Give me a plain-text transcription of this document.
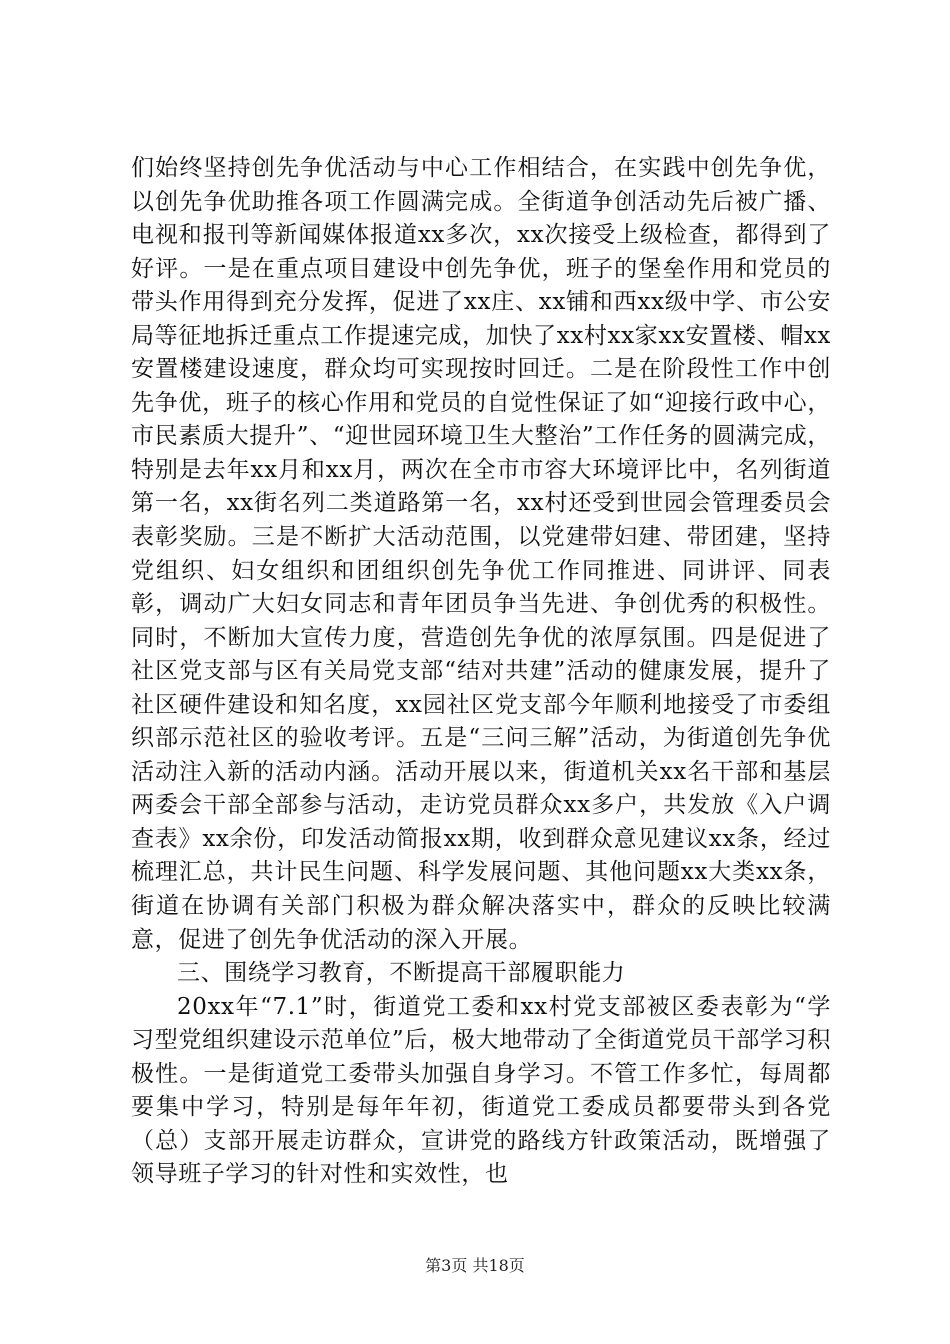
们始终坚持创先争优活动与中心工作相结合，在实践中创先争优，以创先争优助推各项工作圆满完成。全街道争创活动先后被广播、电视和报刊等新闻媒体报道xx多次，xx次接受上级检查，都得到了好评。一是在重点项目建设中创先争优，班子的堡垒作用和党员的带头作用得到充分发挥，促进了xx庄、xx铺和西xx级中学、市公安局等征地拆迁重点工作提速完成，加快了xx村xx家xx安置楼、帽xx安置楼建设速度，群众均可实现按时回迁。二是在阶段性工作中创先争优，班子的核心作用和党员的自觉性保证了如“迎接行政中心，市民素质大提升”、“迎世园环境卫生大整治”工作任务的圆满完成，特别是去年xx月和xx月，两次在全市市容大环境评比中，名列街道第一名，xx街名列二类道路第一名，xx村还受到世园会管理委员会表彰奖励。三是不断扩大活动范围，以党建带妇建、带团建，坚持党组织、妇女组织和团组织创先争优工作同推进、同讲评、同表彰，调动广大妇女同志和青年团员争当先进、争创优秀的积极性。同时，不断加大宣传力度，营造创先争优的浓厚氛围。四是促进了社区党支部与区有关局党支部“结对共建”活动的健康发展，提升了社区硬件建设和知名度，xx园社区党支部今年顺利地接受了市委组织部示范社区的验收考评。五是“三问三解”活动，为街道创先争优活动注入新的活动内涵。活动开展以来，街道机关xx名干部和基层两委会干部全部参与活动，走访党员群众xx多户，共发放《入户调查表》xx余份，印发活动简报xx期，收到群众意见建议xx条，经过梳理汇总，共计民生问题、科学发展问题、其他问题xx大类xx条，街道在协调有关部门积极为群众解决落实中，群众的反映比较满意，促进了创先争优活动的深入开展。

三、围绕学习教育，不断提高干部履职能力

20xx年“7.1”时，街道党工委和xx村党支部被区委表彰为“学习型党组织建设示范单位”后，极大地带动了全街道党员干部学习积极性。一是街道党工委带头加强自身学习。不管工作多忙，每周都要集中学习，特别是每年年初，街道党工委成员都要带头到各党（总）支部开展走访群众，宣讲党的路线方针政策活动，既增强了领导班子学习的针对性和实效性，也

第3页 共18页
